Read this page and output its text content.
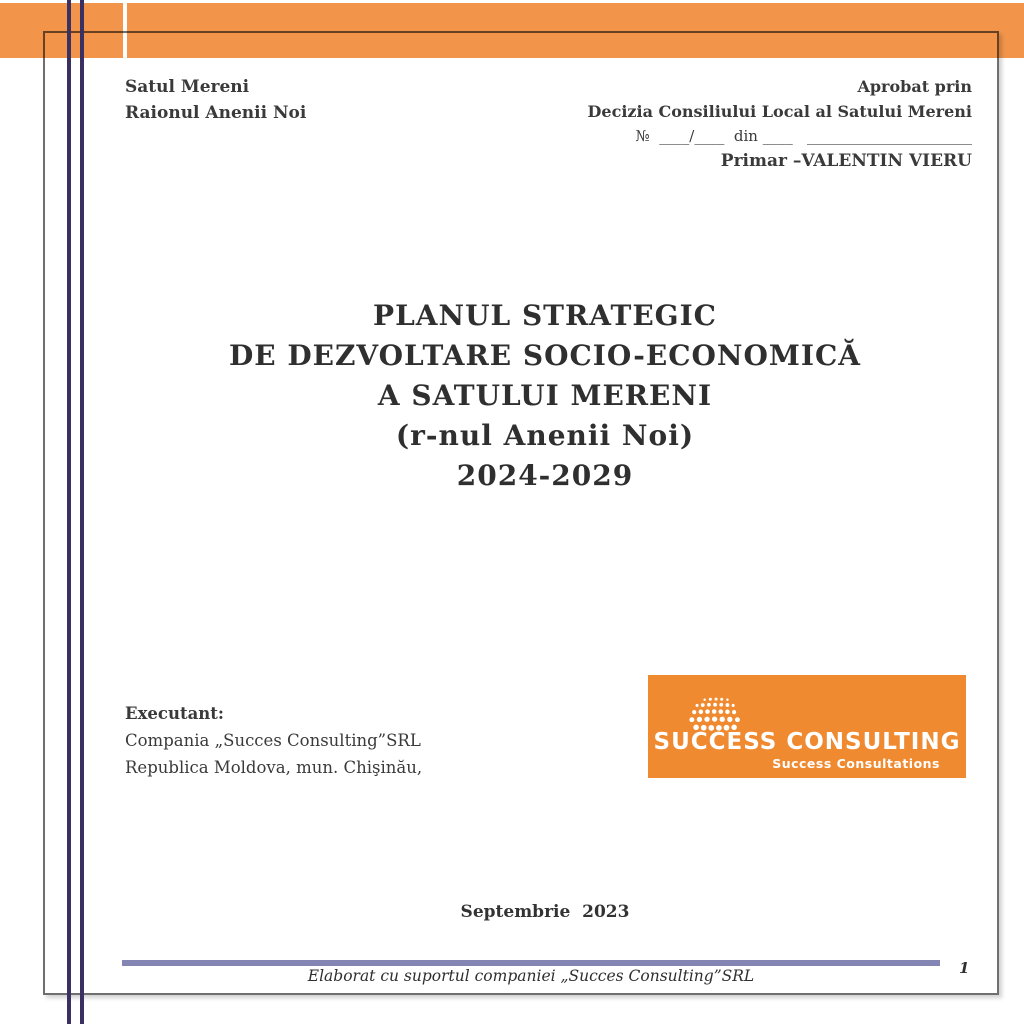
Satul Mereni
Raionul Anenii Noi
Aprobat prin
Decizia Consiliului Local al Satului Mereni
№  ____/____  din ____   ______________________
Primar –VALENTIN VIERU
PLANUL STRATEGIC
DE DEZVOLTARE SOCIO-ECONOMICĂ
A SATULUI MERENI
(r-nul Anenii Noi)
2024-2029
Executant:
Compania „Succes Consulting”SRL
Republica Moldova, mun. Chişinău,
SUCCESS CONSULTING
Success Consultations
Septembrie  2023
Elaborat cu suportul companiei „Succes Consulting”SRL	1
